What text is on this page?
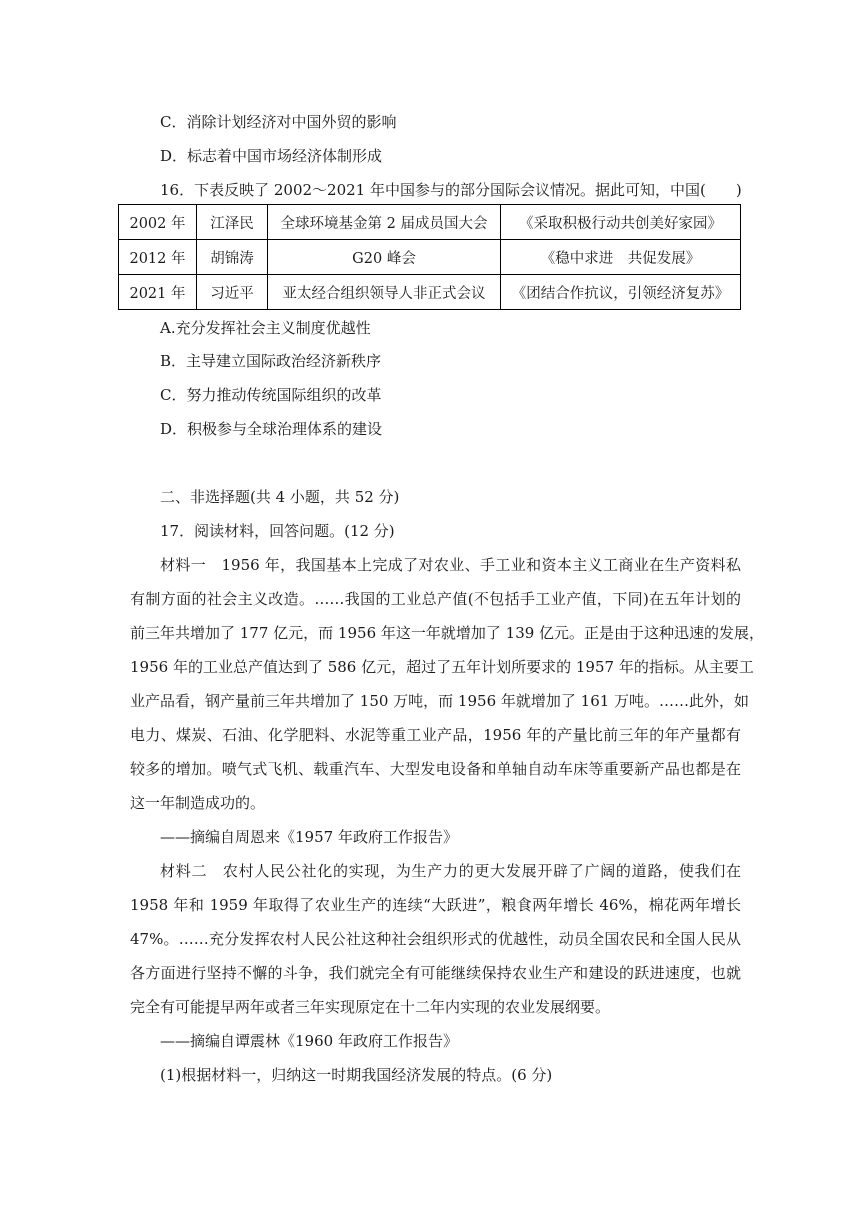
C．消除计划经济对中国外贸的影响
D．标志着中国市场经济体制形成
16．下表反映了 2002～2021 年中国参与的部分国际会议情况。据此可知，中国(　　)
2002 年	江泽民	全球环境基金第 2 届成员国大会	《采取积极行动共创美好家园》
2012 年	胡锦涛	G20 峰会	《稳中求进　共促发展》
2021 年	习近平	亚太经合组织领导人非正式会议	《团结合作抗议，引领经济复苏》
A.充分发挥社会主义制度优越性
B．主导建立国际政治经济新秩序
C．努力推动传统国际组织的改革
D．积极参与全球治理体系的建设
二、非选择题(共 4 小题，共 52 分)
17．阅读材料，回答问题。(12 分)
材料一　1956 年，我国基本上完成了对农业、手工业和资本主义工商业在生产资料私
有制方面的社会主义改造。……我国的工业总产值(不包括手工业产值，下同)在五年计划的
前三年共增加了 177 亿元，而 1956 年这一年就增加了 139 亿元。正是由于这种迅速的发展，
1956 年的工业总产值达到了 586 亿元，超过了五年计划所要求的 1957 年的指标。从主要工
业产品看，钢产量前三年共增加了 150 万吨，而 1956 年就增加了 161 万吨。……此外，如
电力、煤炭、石油、化学肥料、水泥等重工业产品，1956 年的产量比前三年的年产量都有
较多的增加。喷气式飞机、载重汽车、大型发电设备和单轴自动车床等重要新产品也都是在
这一年制造成功的。
——摘编自周恩来《1957 年政府工作报告》
材料二　农村人民公社化的实现，为生产力的更大发展开辟了广阔的道路，使我们在
1958 年和 1959 年取得了农业生产的连续“大跃进”，粮食两年增长 46%，棉花两年增长
47%。……充分发挥农村人民公社这种社会组织形式的优越性，动员全国农民和全国人民从
各方面进行坚持不懈的斗争，我们就完全有可能继续保持农业生产和建设的跃进速度，也就
完全有可能提早两年或者三年实现原定在十二年内实现的农业发展纲要。
——摘编自谭震林《1960 年政府工作报告》
(1)根据材料一，归纳这一时期我国经济发展的特点。(6 分)
